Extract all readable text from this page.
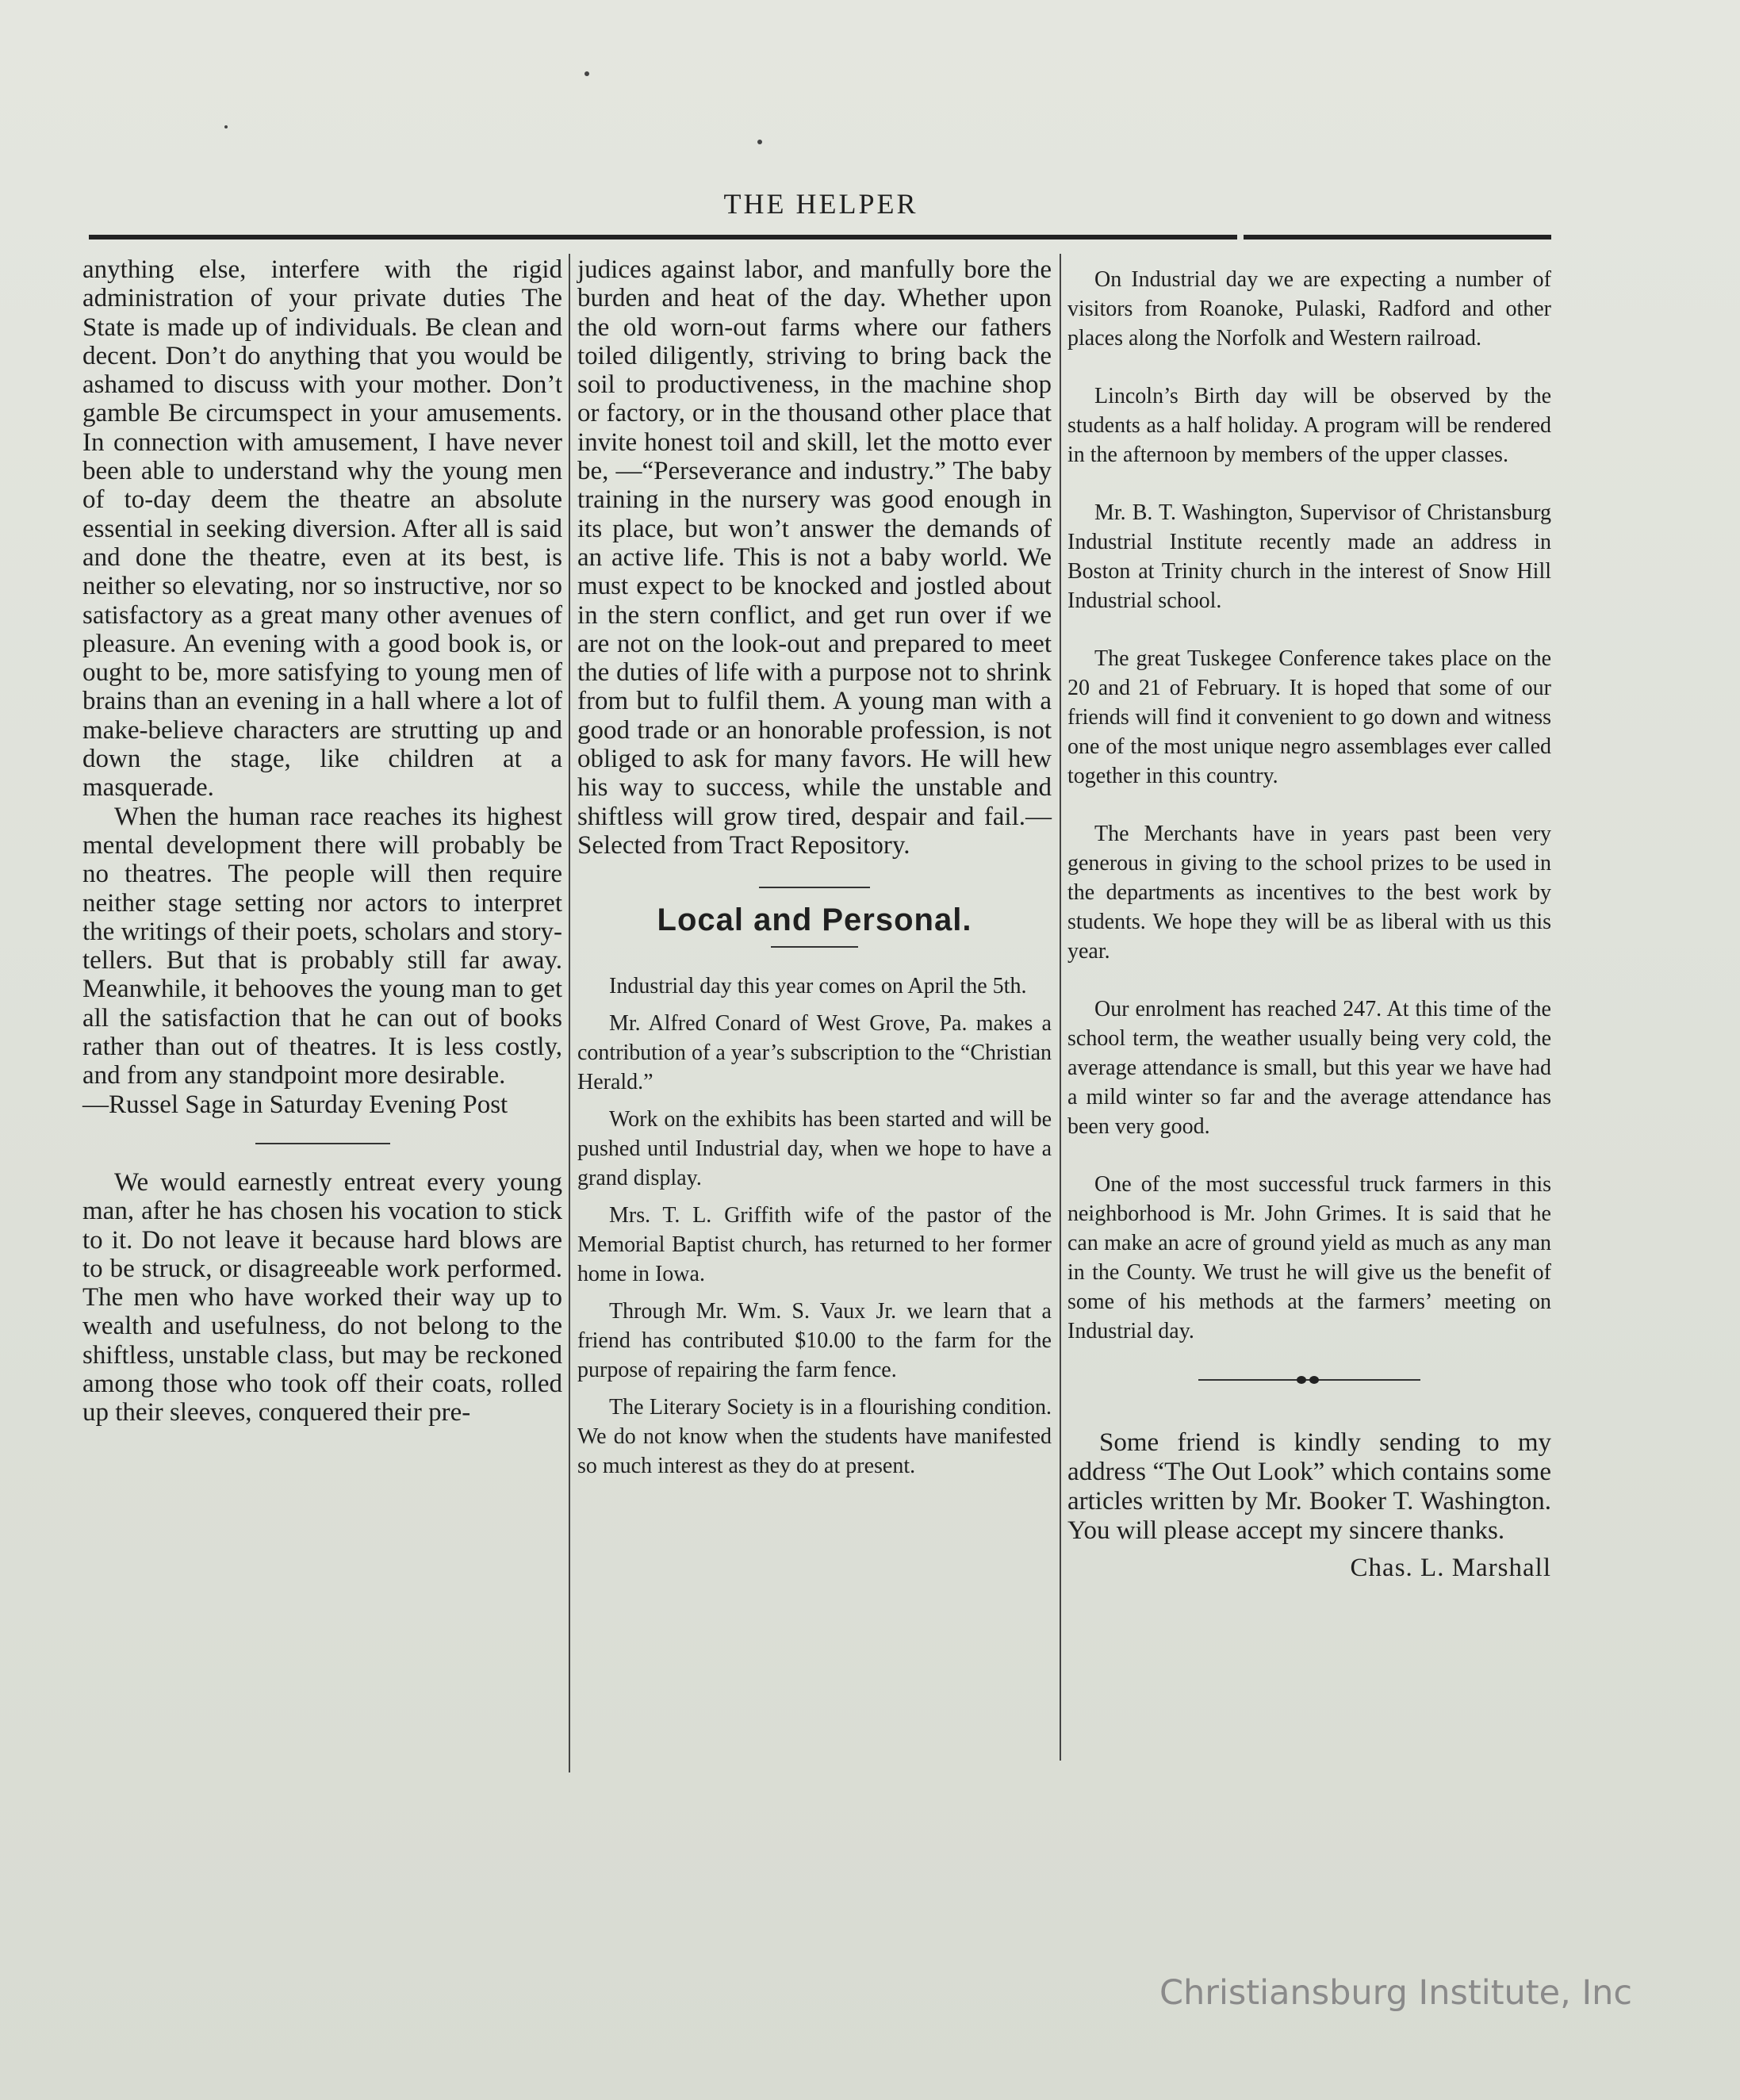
THE HELPER

anything else, interfere with the rigid administration of your private duties The State is made up of individuals. Be clean and decent. Don’t do anything that you would be ashamed to discuss with your mother. Don’t gamble Be circumspect in your amusements. In connection with amusement, I have never been able to understand why the young men of to-day deem the theatre an absolute essential in seeking diversion. After all is said and done the theatre, even at its best, is neither so elevating, nor so instructive, nor so satisfactory as a great many other avenues of pleasure. An evening with a good book is, or ought to be, more satisfying to young men of brains than an evening in a hall where a lot of make-believe characters are strutting up and down the stage, like children at a masquerade.

When the human race reaches its highest mental development there will probably be no theatres. The people will then require neither stage setting nor actors to interpret the writings of their poets, scholars and story-tellers. But that is probably still far away. Meanwhile, it behooves the young man to get all the satisfaction that he can out of books rather than out of theatres. It is less costly, and from any standpoint more desirable.

—Russel Sage in Saturday Evening Post

We would earnestly entreat every young man, after he has chosen his vocation to stick to it. Do not leave it because hard blows are to be struck, or disagreeable work performed. The men who have worked their way up to wealth and usefulness, do not belong to the shiftless, unstable class, but may be reckoned among those who took off their coats, rolled up their sleeves, conquered their pre-

judices against labor, and manfully bore the burden and heat of the day. Whether upon the old worn-out farms where our fathers toiled diligently, striving to bring back the soil to productiveness, in the machine shop or factory, or in the thousand other place that invite honest toil and skill, let the motto ever be, —“Perseverance and industry.” The baby training in the nursery was good enough in its place, but won’t answer the demands of an active life. This is not a baby world. We must expect to be knocked and jostled about in the stern conflict, and get run over if we are not on the look-out and prepared to meet the duties of life with a purpose not to shrink from but to fulfil them. A young man with a good trade or an honorable profession, is not obliged to ask for many favors. He will hew his way to success, while the unstable and shiftless will grow tired, despair and fail.—Selected from Tract Repository.

Local and Personal.

Industrial day this year comes on April the 5th.

Mr. Alfred Conard of West Grove, Pa. makes a contribution of a year’s subscription to the “Christian Herald.”

Work on the exhibits has been started and will be pushed until Industrial day, when we hope to have a grand display.

Mrs. T. L. Griffith wife of the pastor of the Memorial Baptist church, has returned to her former home in Iowa.

Through Mr. Wm. S. Vaux Jr. we learn that a friend has contributed $10.00 to the farm for the purpose of repairing the farm fence.

The Literary Society is in a flourishing condition. We do not know when the students have manifested so much interest as they do at present.

On Industrial day we are expecting a number of visitors from Roanoke, Pulaski, Radford and other places along the Norfolk and Western railroad.

Lincoln’s Birth day will be observed by the students as a half holiday. A program will be rendered in the afternoon by members of the upper classes.

Mr. B. T. Washington, Supervisor of Christansburg Industrial Institute recently made an address in Boston at Trinity church in the interest of Snow Hill Industrial school.

The great Tuskegee Conference takes place on the 20 and 21 of February. It is hoped that some of our friends will find it convenient to go down and witness one of the most unique negro assemblages ever called together in this country.

The Merchants have in years past been very generous in giving to the school prizes to be used in the departments as incentives to the best work by students. We hope they will be as liberal with us this year.

Our enrolment has reached 247. At this time of the school term, the weather usually being very cold, the average attendance is small, but this year we have had a mild winter so far and the average attendance has been very good.

One of the most successful truck farmers in this neighborhood is Mr. John Grimes. It is said that he can make an acre of ground yield as much as any man in the County. We trust he will give us the benefit of some of his methods at the farmers’ meeting on Industrial day.

Some friend is kindly sending to my address “The Out Look” which contains some articles written by Mr. Booker T. Washington. You will please accept my sincere thanks.

Chas. L. Marshall

Christiansburg Institute, Inc
